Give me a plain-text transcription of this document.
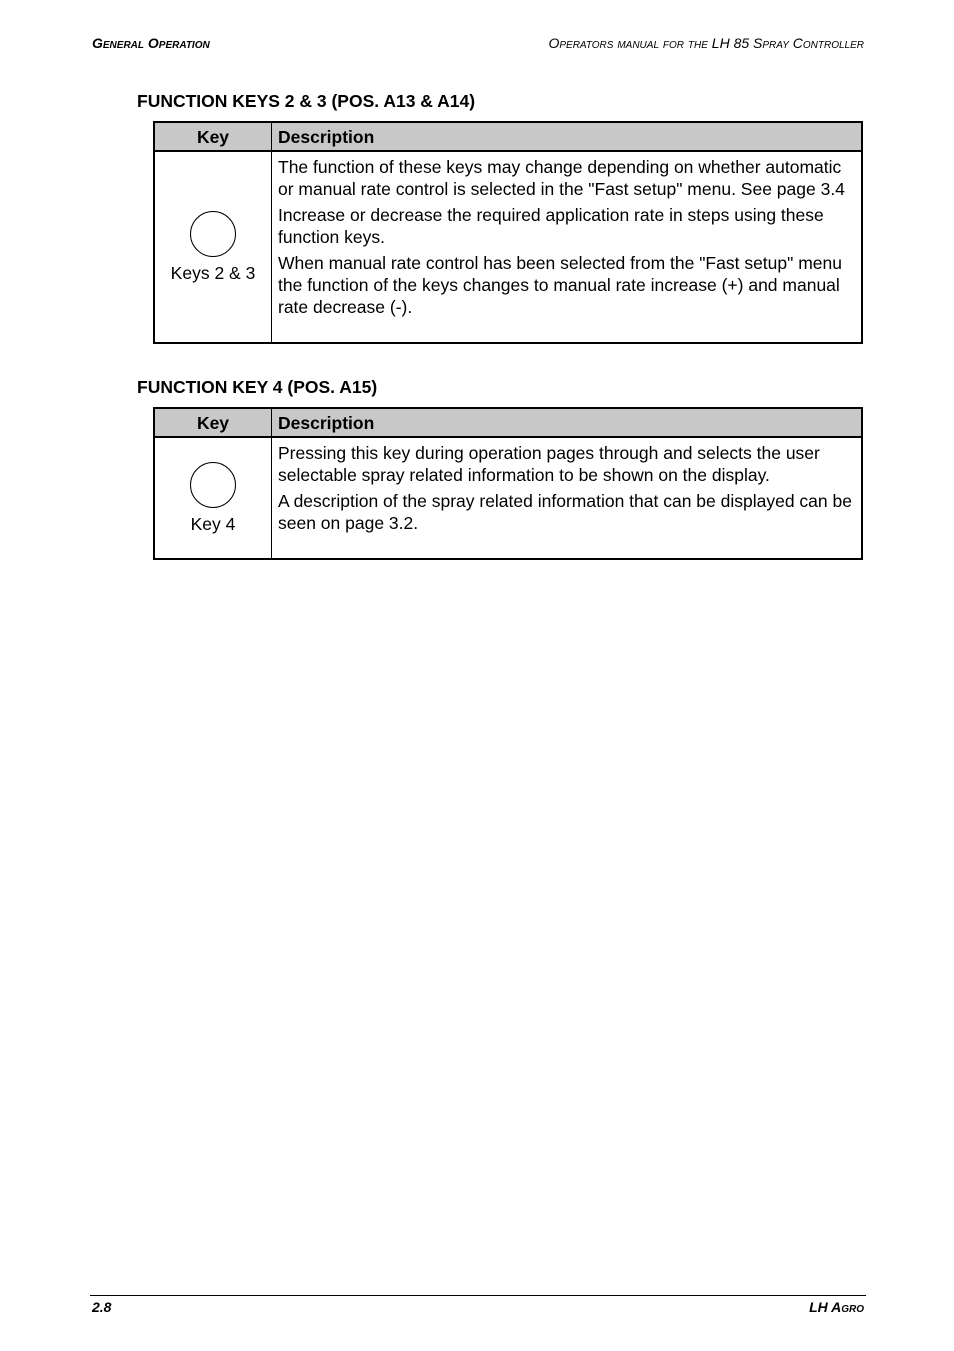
General Operation	Operators manual for the LH 85 Spray Controller
FUNCTION KEYS 2 & 3 (POS. A13 & A14)
Key	Description

Keys 2 & 3	The function of these keys may change depending on whether automatic or manual rate control is selected in the "Fast setup" menu. See page 3.4
Increase or decrease the required application rate in steps using these function keys.
When manual rate control has been selected from the "Fast setup" menu the function of the keys changes to manual rate increase (+) and manual rate decrease (-).
FUNCTION KEY 4 (POS. A15)
Key	Description

Key 4	Pressing this key during operation pages through and selects the user selectable spray related information to be shown on the display.
A description of the spray related information that can be displayed can be seen on page 3.2.
2.8	LH Agro
